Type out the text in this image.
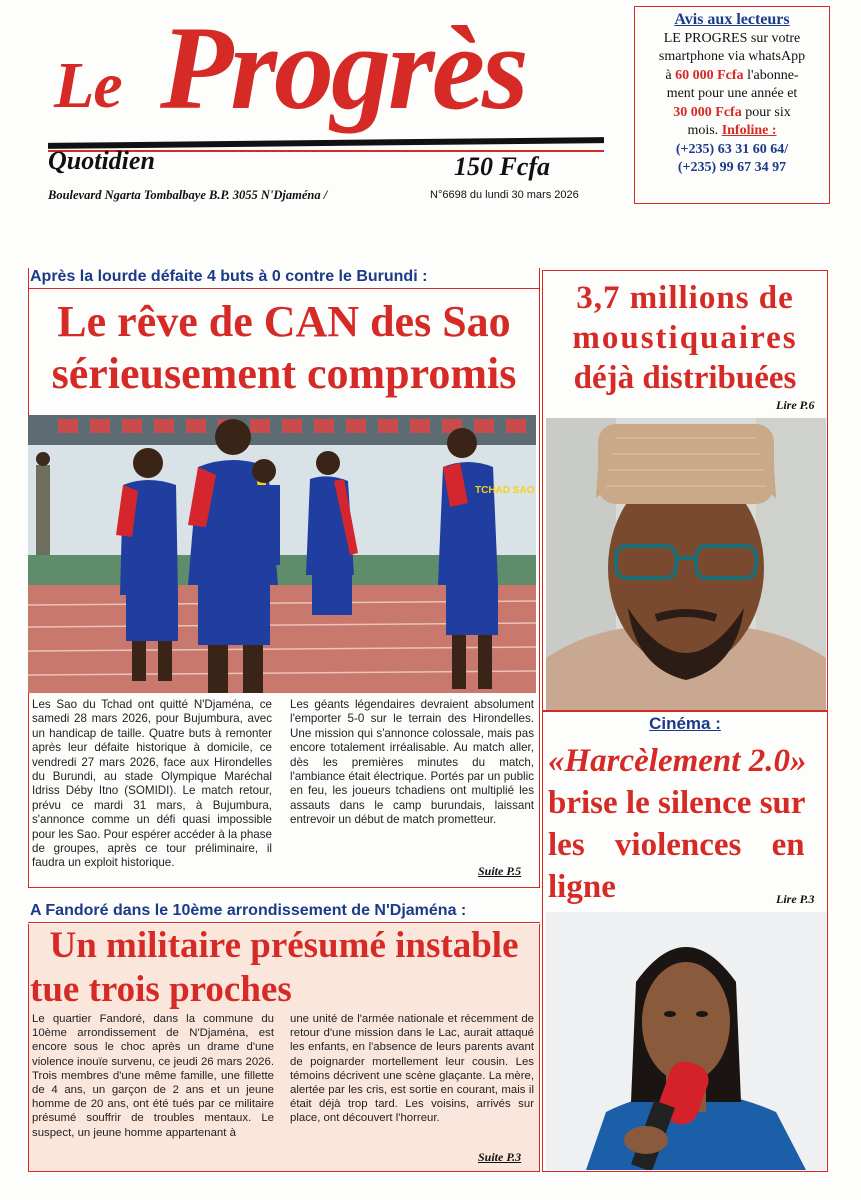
Le Progrès
Quotidien	150 Fcfa
Boulevard Ngarta Tombalbaye B.P. 3055 N'Djaména /	N°6698 du lundi 30 mars 2026
Avis aux lecteurs
LE PROGRES sur votre
smartphone via whatsApp
à 60 000 Fcfa l'abonne-
ment pour une année et
30 000 Fcfa pour six
mois. Infoline :
(+235) 63 31 60 64/
(+235) 99 67 34 97
Après la lourde défaite 4 buts à 0 contre le Burundi :
Le rêve de CAN des Sao
sérieusement compromis
TCHAD SAO
Les Sao du Tchad ont quitté N'Djaména, ce samedi 28 mars 2026, pour Bujumbura, avec un handicap de taille. Quatre buts à remonter après leur défaite historique à domicile, ce vendredi 27 mars 2026, face aux Hirondelles du Burundi, au stade Olympique Maréchal Idriss Déby Itno (SOMIDI). Le match retour, prévu ce mardi 31 mars, à Bujumbura, s'annonce comme un défi quasi impossible pour les Sao. Pour espérer accéder à la phase de groupes, après ce tour préliminaire, il faudra un exploit historique.
Les géants légendaires devraient absolument l'emporter 5-0 sur le terrain des Hirondelles. Une mission qui s'annonce colossale, mais pas encore totalement irréalisable. Au match aller, dès les premières minutes du match, l'ambiance était électrique. Portés par un public en feu, les joueurs tchadiens ont multiplié les assauts dans le camp burundais, laissant entrevoir un début de match prometteur.
Suite P.5
3,7 millions de
moustiquaires
déjà distribuées
Lire P.6
Cinéma :
«Harcèlement 2.0»
brise le silence sur
les violences en
ligne	Lire P.3
A Fandoré dans le 10ème arrondissement de N'Djaména :
Un militaire présumé instable
tue trois proches
Le quartier Fandoré, dans la commune du 10ème arrondissement de N'Djaména, est encore sous le choc après un drame d'une violence inouïe survenu, ce jeudi 26 mars 2026. Trois membres d'une même famille, une fillette de 4 ans, un garçon de 2 ans et un jeune homme de 20 ans, ont été tués par ce militaire présumé souffrir de troubles mentaux. Le suspect, un jeune homme appartenant à
une unité de l'armée nationale et récemment de retour d'une mission dans le Lac, aurait attaqué les enfants, en l'absence de leurs parents avant de poignarder mortellement leur cousin. Les témoins décrivent une scène glaçante. La mère, alertée par les cris, est sortie en courant, mais il était déjà trop tard. Les voisins, arrivés sur place, ont découvert l'horreur.
Suite P.3
